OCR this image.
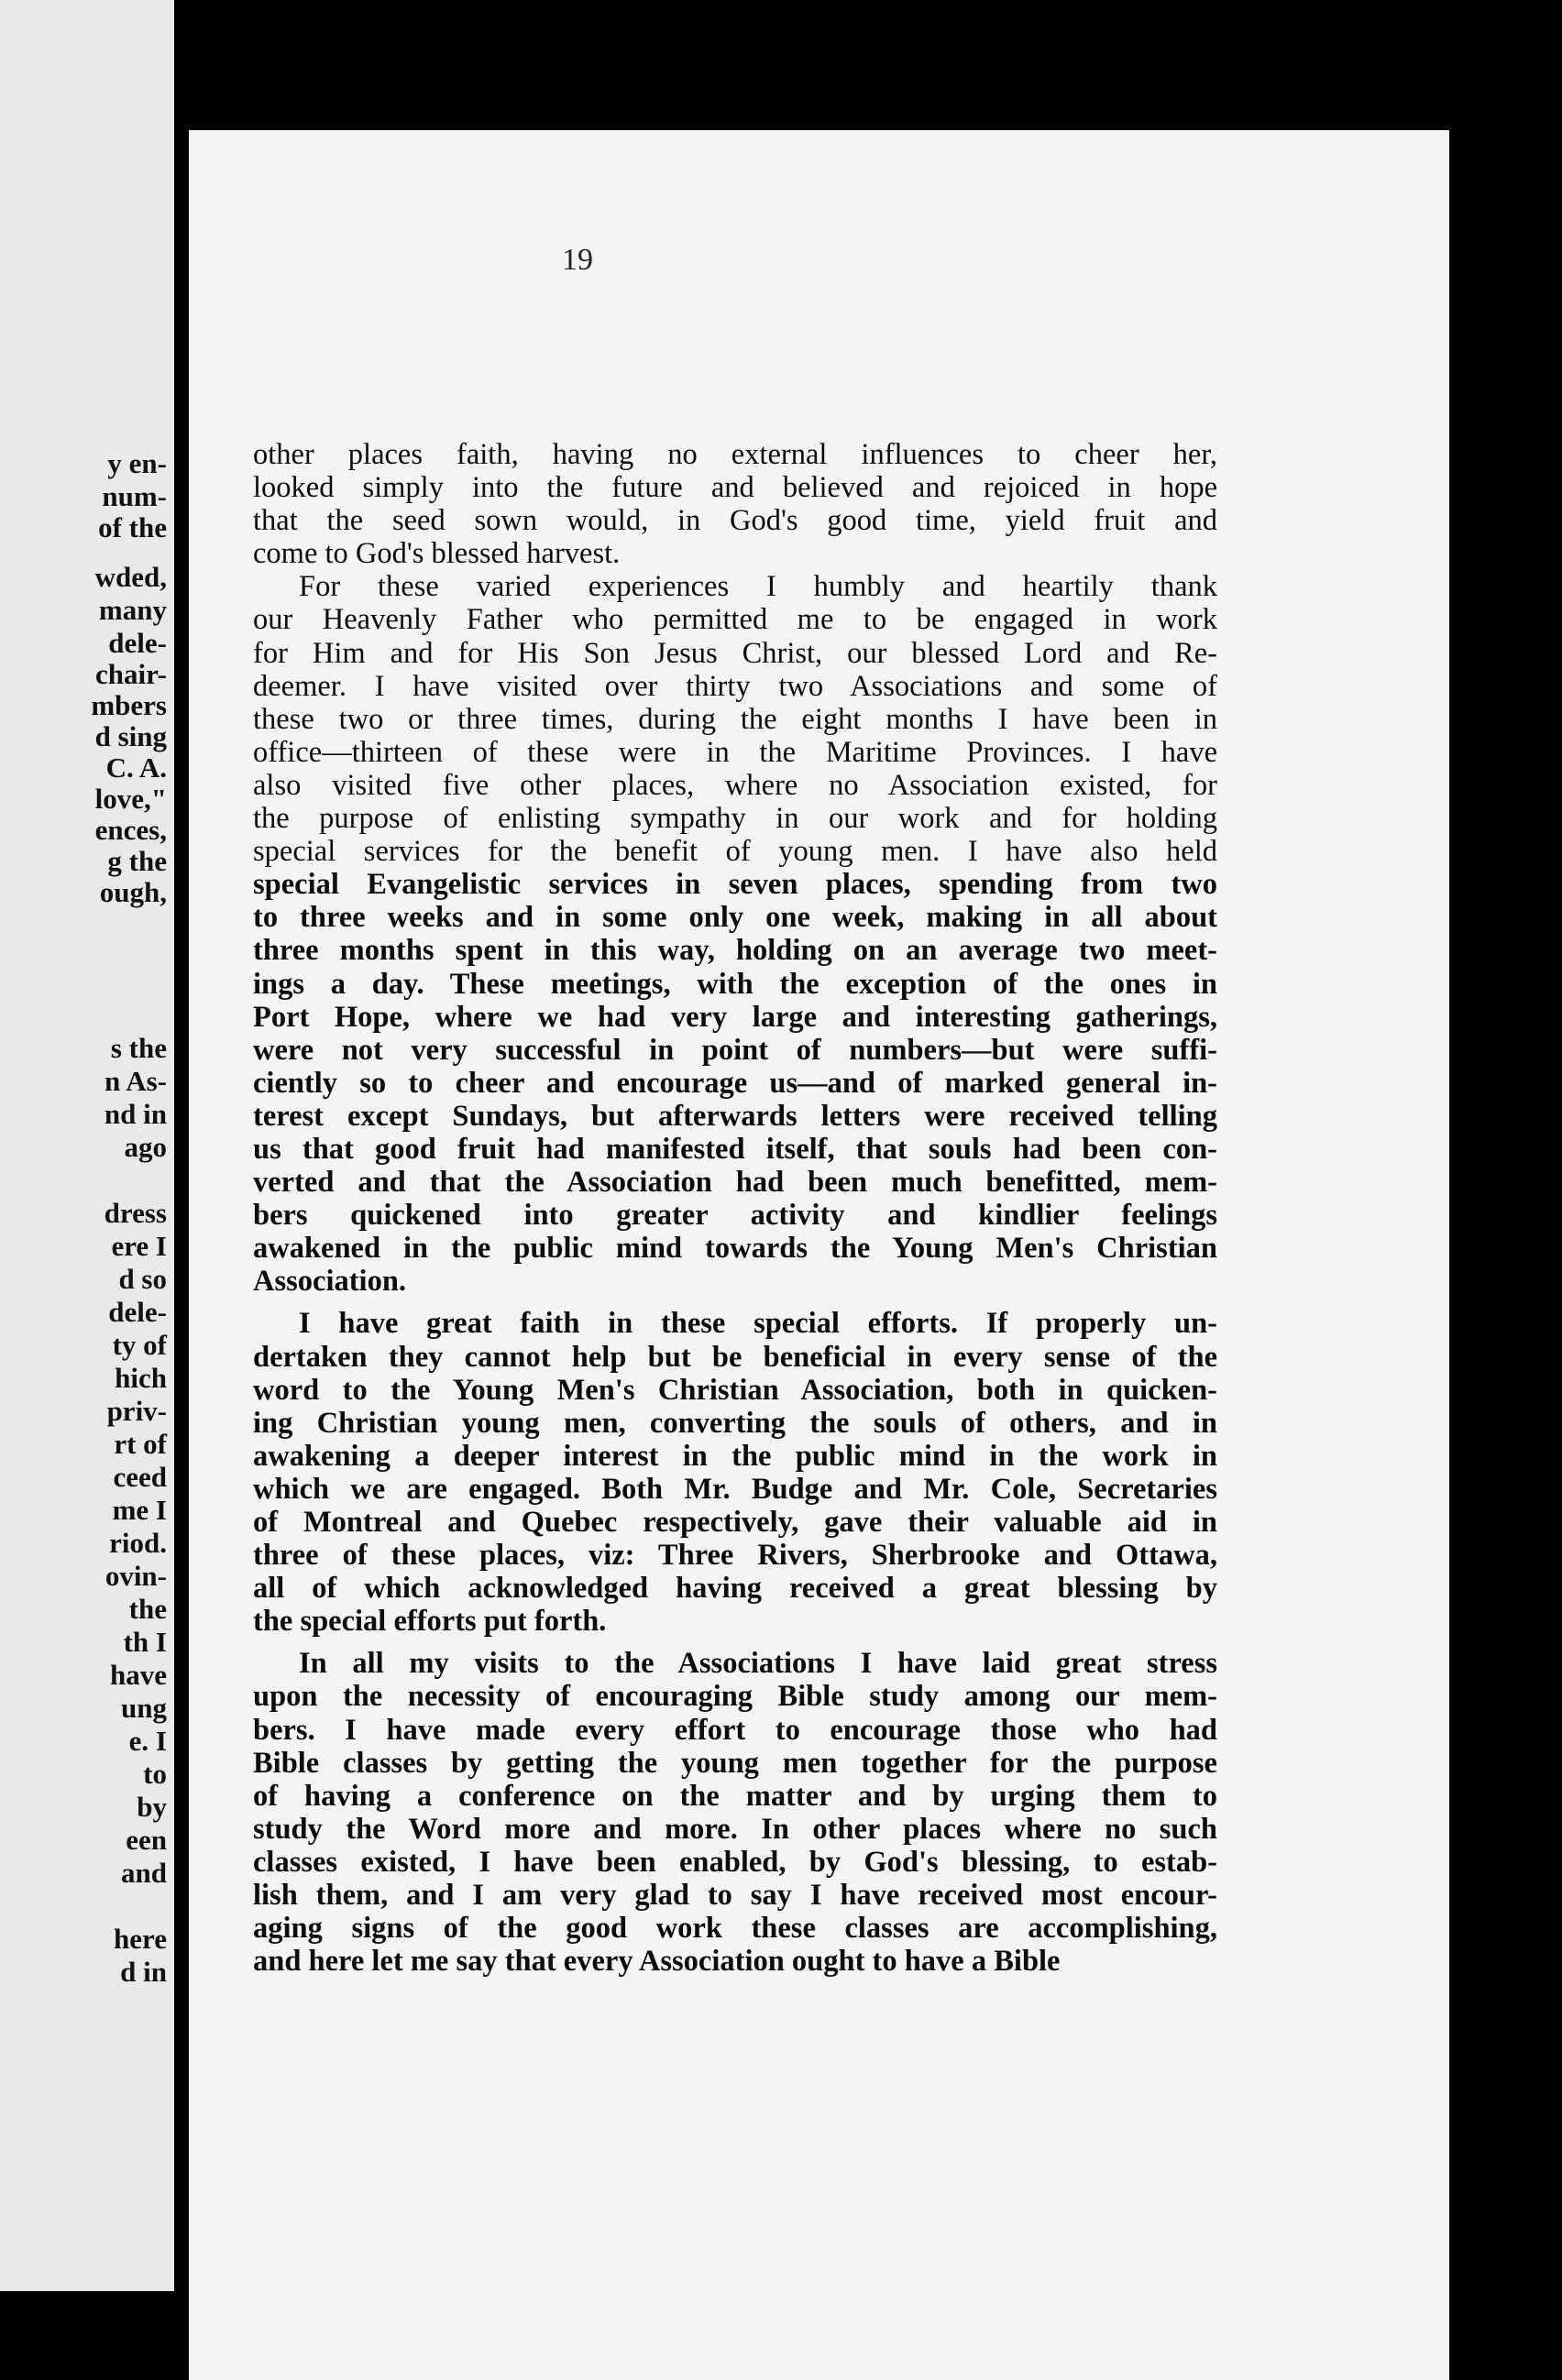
y en-
num-
of the
wded,
many
dele-
chair-
mbers
d sing
C. A.
love,"
ences,
g the
ough,
s the
n As-
nd in
ago
dress
ere I
d so
dele-
ty of
hich
priv-
rt of
ceed
me I
riod.
ovin-
the
th I
have
ung
e. I
to
by
een
and
here
d in
19
other places faith, having no external influences to cheer her,
looked simply into the future and believed and rejoiced in hope
that the seed sown would, in God's good time, yield fruit and
come to God's blessed harvest.
For these varied experiences I humbly and heartily thank
our Heavenly Father who permitted me to be engaged in work
for Him and for His Son Jesus Christ, our blessed Lord and Re-
deemer. I have visited over thirty two Associations and some of
these two or three times, during the eight months I have been in
office—thirteen of these were in the Maritime Provinces. I have
also visited five other places, where no Association existed, for
the purpose of enlisting sympathy in our work and for holding
special services for the benefit of young men. I have also held
special Evangelistic services in seven places, spending from two
to three weeks and in some only one week, making in all about
three months spent in this way, holding on an average two meet-
ings a day. These meetings, with the exception of the ones in
Port Hope, where we had very large and interesting gatherings,
were not very successful in point of numbers—but were suffi-
ciently so to cheer and encourage us—and of marked general in-
terest except Sundays, but afterwards letters were received telling
us that good fruit had manifested itself, that souls had been con-
verted and that the Association had been much benefitted, mem-
bers quickened into greater activity and kindlier feelings
awakened in the public mind towards the Young Men's Christian
Association.
I have great faith in these special efforts. If properly un-
dertaken they cannot help but be beneficial in every sense of the
word to the Young Men's Christian Association, both in quicken-
ing Christian young men, converting the souls of others, and in
awakening a deeper interest in the public mind in the work in
which we are engaged. Both Mr. Budge and Mr. Cole, Secretaries
of Montreal and Quebec respectively, gave their valuable aid in
three of these places, viz: Three Rivers, Sherbrooke and Ottawa,
all of which acknowledged having received a great blessing by
the special efforts put forth.
In all my visits to the Associations I have laid great stress
upon the necessity of encouraging Bible study among our mem-
bers. I have made every effort to encourage those who had
Bible classes by getting the young men together for the purpose
of having a conference on the matter and by urging them to
study the Word more and more. In other places where no such
classes existed, I have been enabled, by God's blessing, to estab-
lish them, and I am very glad to say I have received most encour-
aging signs of the good work these classes are accomplishing,
and here let me say that every Association ought to have a Bible
